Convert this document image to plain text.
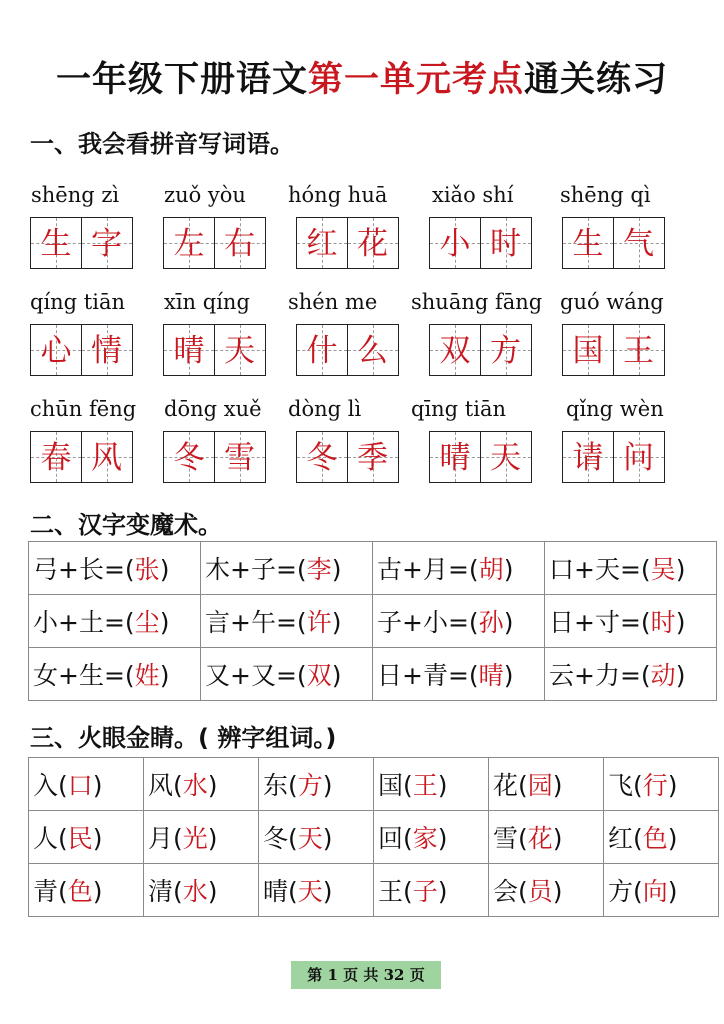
一年级下册语文第一单元考点通关练习
一、我会看拼音写词语。
shēng zì
生 字
zuǒ yòu
左 右
hóng huā
红 花
xiǎo shí
小 时
shēng qì
生 气
qíng tiān
心 情
xīn qíng
晴 天
shén me
什 么
shuāng fāng
双 方
guó wáng
国 王
chūn fēng
春 风
dōng xuě
冬 雪
dòng lì
冬 季
qīng tiān
晴 天
qǐng wèn
请 问
二、汉字变魔术。
弓+长=(张)	木+子=(李)	古+月=(胡)	口+天=(吴)
小+土=(尘)	言+午=(许)	子+小=(孙)	日+寸=(时)
女+生=(姓)	又+又=(双)	日+青=(晴)	云+力=(动)
三、火眼金睛。( 辨字组词。)
入(口)	风(水)	东(方)	国(王)	花(园)	飞(行)
人(民)	月(光)	冬(天)	回(家)	雪(花)	红(色)
青(色)	清(水)	晴(天)	王(子)	会(员)	方(向)
第 1 页 共 32 页
